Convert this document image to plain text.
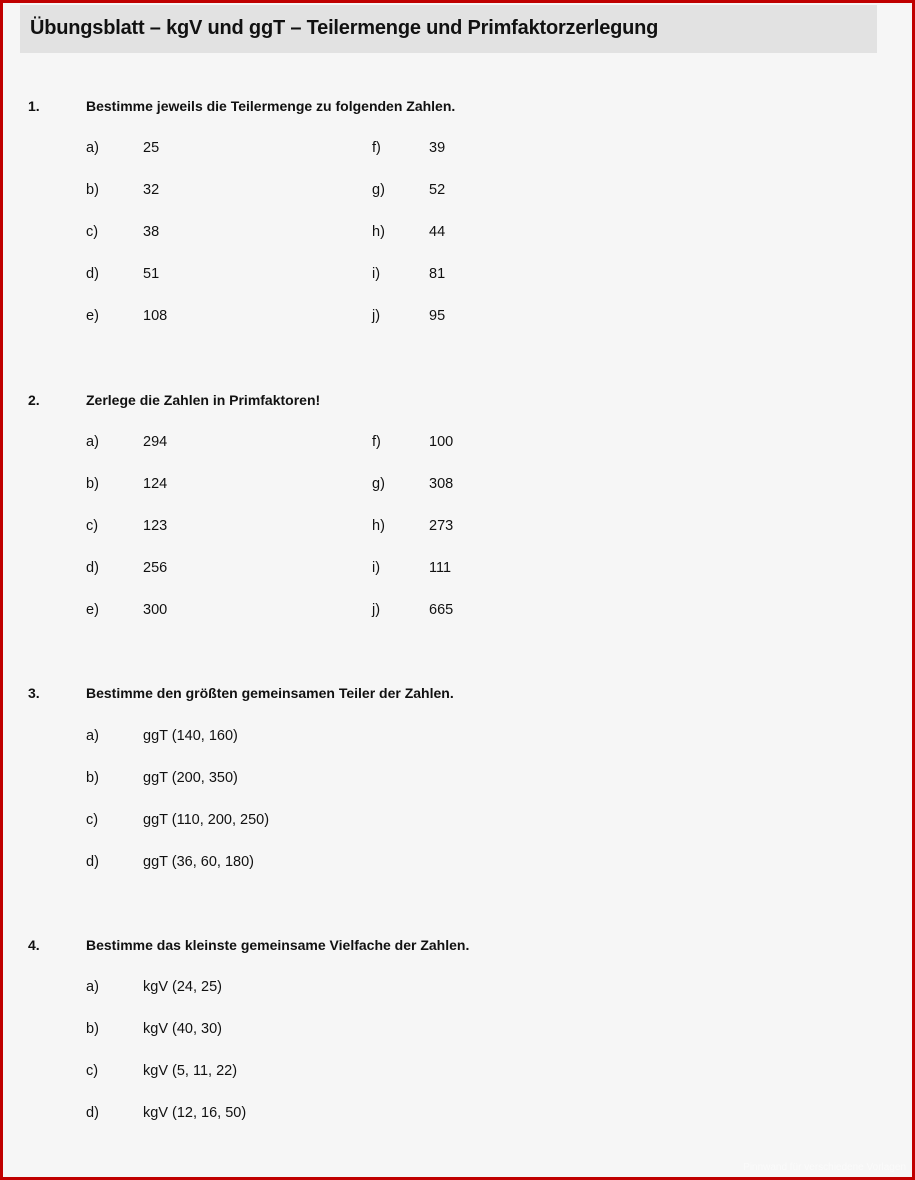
Übungsblatt – kgV und ggT – Teilermenge und Primfaktorzerlegung
1.	Bestimme jeweils die Teilermenge zu folgenden Zahlen.
a)	25
b)	32
c)	38
d)	51
e)	108
f)	39
g)	52
h)	44
i)	81
j)	95
2.	Zerlege die Zahlen in Primfaktoren!
a)	294
b)	124
c)	123
d)	256
e)	300
f)	100
g)	308
h)	273
i)	111
j)	665
3.	Bestimme den größten gemeinsamen Teiler der Zahlen.
a)	ggT (140, 160)
b)	ggT (200, 350)
c)	ggT (110, 200, 250)
d)	ggT (36, 60, 180)
4.	Bestimme das kleinste gemeinsame Vielfache der Zahlen.
a)	kgV (24, 25)
b)	kgV (40, 30)
c)	kgV (5, 11, 22)
d)	kgV (12, 16, 50)
Pinnwand für verschiedene Vorlagen
